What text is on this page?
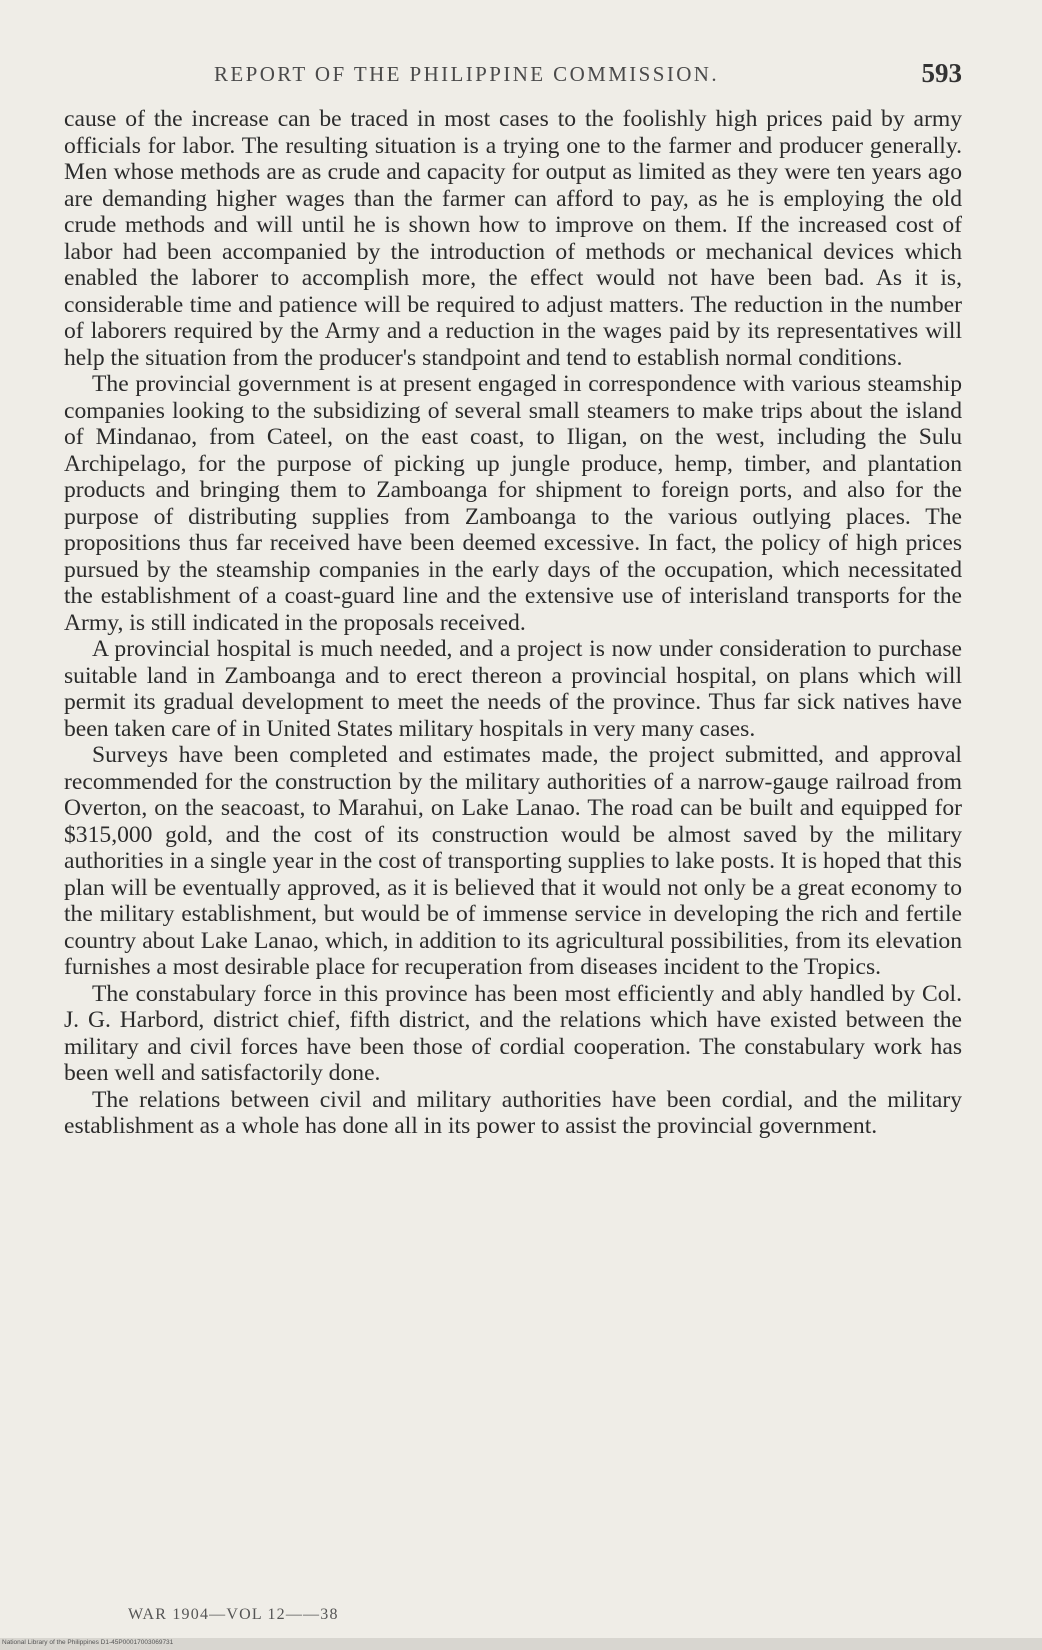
REPORT OF THE PHILIPPINE COMMISSION.	593

cause of the increase can be traced in most cases to the foolishly high prices paid by army officials for labor. The resulting situation is a trying one to the farmer and producer generally. Men whose methods are as crude and capacity for output as limited as they were ten years ago are demanding higher wages than the farmer can afford to pay, as he is employing the old crude methods and will until he is shown how to improve on them. If the increased cost of labor had been accompanied by the introduction of methods or mechanical devices which enabled the laborer to accomplish more, the effect would not have been bad. As it is, considerable time and patience will be required to adjust matters. The reduction in the number of laborers required by the Army and a reduction in the wages paid by its representatives will help the situation from the producer's standpoint and tend to establish normal conditions.

The provincial government is at present engaged in correspondence with various steamship companies looking to the subsidizing of several small steamers to make trips about the island of Mindanao, from Cateel, on the east coast, to Iligan, on the west, including the Sulu Archipelago, for the purpose of picking up jungle produce, hemp, timber, and plantation products and bringing them to Zamboanga for shipment to foreign ports, and also for the purpose of distributing supplies from Zamboanga to the various outlying places. The propositions thus far received have been deemed excessive. In fact, the policy of high prices pursued by the steamship companies in the early days of the occupation, which necessitated the establishment of a coast-guard line and the extensive use of interisland transports for the Army, is still indicated in the proposals received.

A provincial hospital is much needed, and a project is now under consideration to purchase suitable land in Zamboanga and to erect thereon a provincial hospital, on plans which will permit its gradual development to meet the needs of the province. Thus far sick natives have been taken care of in United States military hospitals in very many cases.

Surveys have been completed and estimates made, the project submitted, and approval recommended for the construction by the military authorities of a narrow-gauge railroad from Overton, on the seacoast, to Marahui, on Lake Lanao. The road can be built and equipped for $315,000 gold, and the cost of its construction would be almost saved by the military authorities in a single year in the cost of transporting supplies to lake posts. It is hoped that this plan will be eventually approved, as it is believed that it would not only be a great economy to the military establishment, but would be of immense service in developing the rich and fertile country about Lake Lanao, which, in addition to its agricultural possibilities, from its elevation furnishes a most desirable place for recuperation from diseases incident to the Tropics.

The constabulary force in this province has been most efficiently and ably handled by Col. J. G. Harbord, district chief, fifth district, and the relations which have existed between the military and civil forces have been those of cordial cooperation. The constabulary work has been well and satisfactorily done.

The relations between civil and military authorities have been cordial, and the military establishment as a whole has done all in its power to assist the provincial government.

WAR 1904—VOL 12——38
National Library of the Philippines D1-45P00017003069731
